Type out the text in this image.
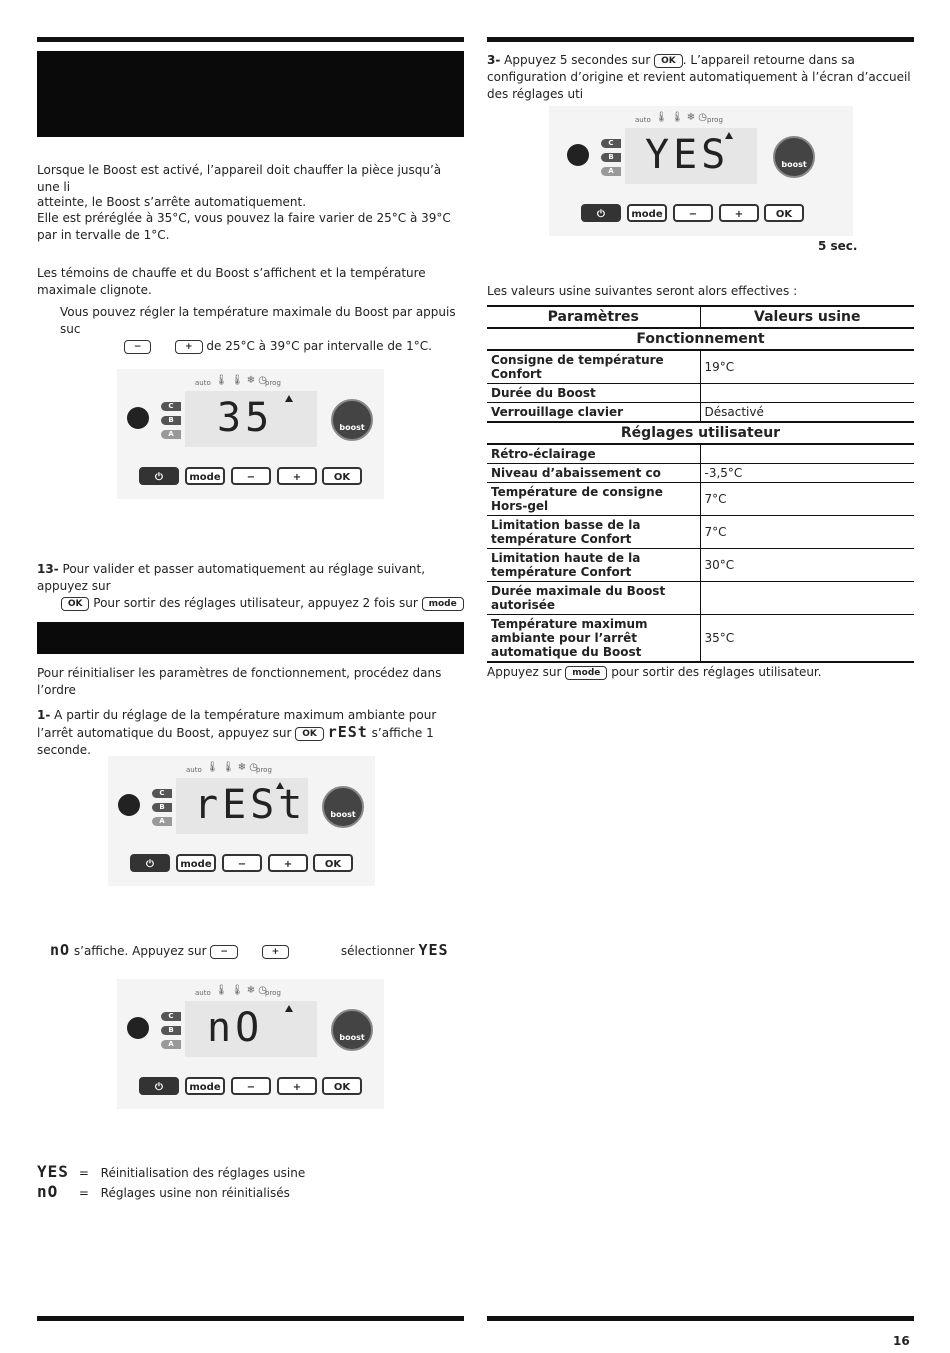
Lorsque le Boost est activé, l’appareil doit chauffer la pièce jusqu’à une li

atteinte, le Boost s’arrête automatiquement.

Elle est préréglée à 35°C, vous pouvez la faire varier de 25°C à 39°C par in tervalle de 1°C.

Les témoins de chauffe et du Boost s’affichent et la température maximale clignote.

Vous pouvez régler la température maximale du Boost par appuis suc
−	+ de 25°C à 39°C par intervalle de 1°C.

auto 🌡 🌡 ❄ ◷
prog
C
B
A 35	boost
⏻	mode	−	+	OK

13- Pour valider et passer automatiquement au réglage suivant, appuyez sur
OK Pour sortir des réglages utilisateur, appuyez 2 fois sur mode

Pour réinitialiser les paramètres de fonctionnement, procédez dans l’ordre

1- A partir du réglage de la température maximum ambiante pour l’arrêt automatique du Boost, appuyez sur OK rESt s’affiche 1 seconde.

auto 🌡 🌡 ❄ ◷
prog
C
B
A rESt	boost
⏻	mode	−	+	OK

nO s’affiche. Appuyez sur −	+	sélectionner YES

auto 🌡 🌡 ❄ ◷
prog
C
B
A nO	boost
⏻	mode	−	+	OK
YES = Réinitialisation des réglages usine
nO = Réglages usine non réinitialisés

3- Appuyez 5 secondes sur OK . L’appareil retourne dans sa configuration d’origine et revient automatiquement à l’écran d’accueil des réglages uti

auto 🌡 🌡 ❄ ◷ prog
C
B
A YES	boost
⏻	mode	−	+	OK
5 sec.

Les valeurs usine suivantes seront alors effectives :

Paramètres	Valeurs usine
Fonctionnement	
Consigne de température Confort	19°C
Durée du Boost	
Verrouillage clavier	Désactivé
Réglages utilisateur	
Rétro-éclairage	
Niveau d’abaissement co	-3,5°C
Température de consigne Hors-gel	7°C
Limitation basse de la température Confort	7°C
Limitation haute de la température Confort	30°C
Durée maximale du Boost autorisée	
Température maximum ambiante pour l’arrêt automatique du Boost	35°C

Appuyez sur mode pour sortir des réglages utilisateur.

16
